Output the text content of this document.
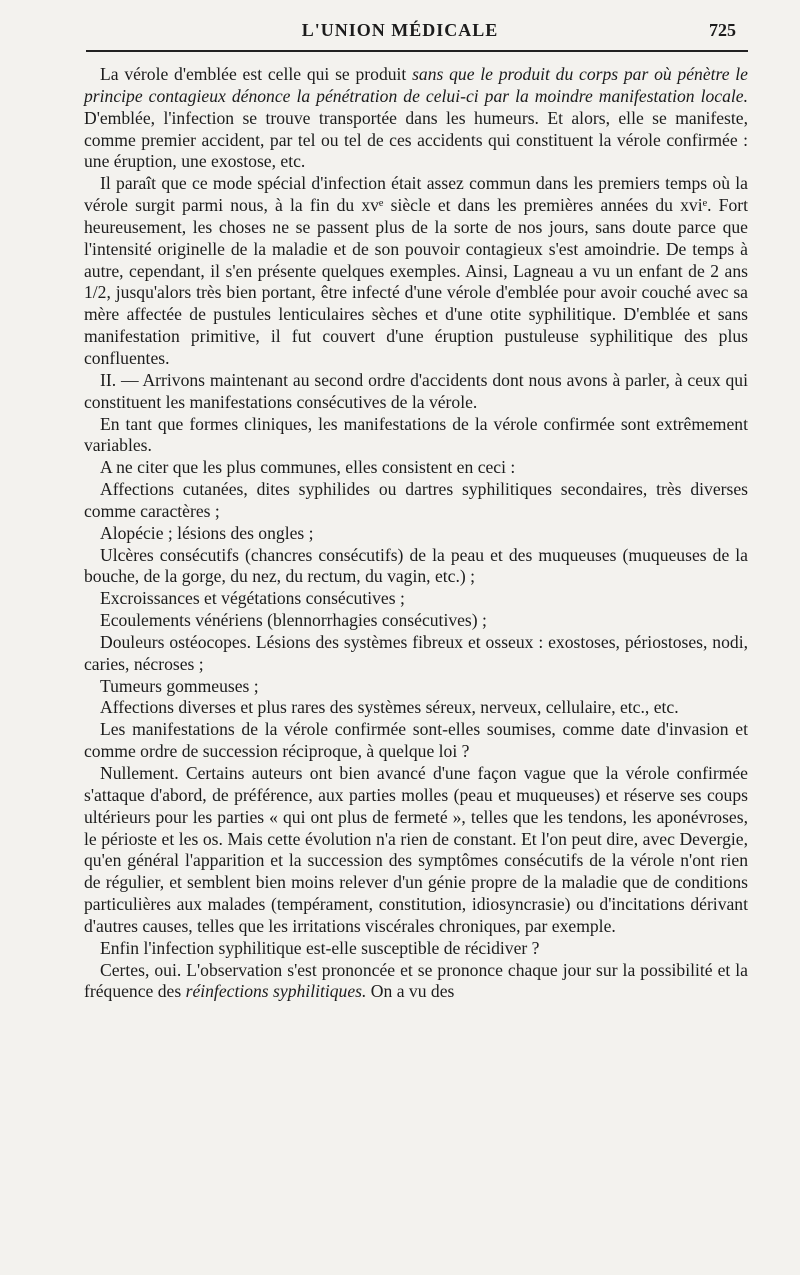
L'UNION MÉDICALE	725

La vérole d'emblée est celle qui se produit sans que le produit du corps par où pénètre le principe contagieux dénonce la pénétration de celui-ci par la moindre manifestation locale. D'emblée, l'infection se trouve transportée dans les humeurs. Et alors, elle se manifeste, comme premier accident, par tel ou tel de ces accidents qui constituent la vérole confirmée : une éruption, une exostose, etc.

Il paraît que ce mode spécial d'infection était assez commun dans les premiers temps où la vérole surgit parmi nous, à la fin du xvᵉ siècle et dans les premières années du xviᵉ. Fort heureusement, les choses ne se passent plus de la sorte de nos jours, sans doute parce que l'intensité originelle de la maladie et de son pouvoir contagieux s'est amoindrie. De temps à autre, cependant, il s'en présente quelques exemples. Ainsi, Lagneau a vu un enfant de 2 ans 1/2, jusqu'alors très bien portant, être infecté d'une vérole d'emblée pour avoir couché avec sa mère affectée de pustules lenticulaires sèches et d'une otite syphilitique. D'emblée et sans manifestation primitive, il fut couvert d'une éruption pustuleuse syphilitique des plus confluentes.

II. — Arrivons maintenant au second ordre d'accidents dont nous avons à parler, à ceux qui constituent les manifestations consécutives de la vérole.

En tant que formes cliniques, les manifestations de la vérole confirmée sont extrêmement variables.

A ne citer que les plus communes, elles consistent en ceci :

Affections cutanées, dites syphilides ou dartres syphilitiques secondaires, très diverses comme caractères ;

Alopécie ; lésions des ongles ;

Ulcères consécutifs (chancres consécutifs) de la peau et des muqueuses (muqueuses de la bouche, de la gorge, du nez, du rectum, du vagin, etc.) ;

Excroissances et végétations consécutives ;

Ecoulements vénériens (blennorrhagies consécutives) ;

Douleurs ostéocopes. Lésions des systèmes fibreux et osseux : exostoses, périostoses, nodi, caries, nécroses ;

Tumeurs gommeuses ;

Affections diverses et plus rares des systèmes séreux, nerveux, cellulaire, etc., etc.

Les manifestations de la vérole confirmée sont-elles soumises, comme date d'invasion et comme ordre de succession réciproque, à quelque loi ?

Nullement. Certains auteurs ont bien avancé d'une façon vague que la vérole confirmée s'attaque d'abord, de préférence, aux parties molles (peau et muqueuses) et réserve ses coups ultérieurs pour les parties « qui ont plus de fermeté », telles que les tendons, les aponévroses, le périoste et les os. Mais cette évolution n'a rien de constant. Et l'on peut dire, avec Devergie, qu'en général l'apparition et la succession des symptômes consécutifs de la vérole n'ont rien de régulier, et semblent bien moins relever d'un génie propre de la maladie que de conditions particulières aux malades (tempérament, constitution, idiosyncrasie) ou d'incitations dérivant d'autres causes, telles que les irritations viscérales chroniques, par exemple.

Enfin l'infection syphilitique est-elle susceptible de récidiver ?

Certes, oui. L'observation s'est prononcée et se prononce chaque jour sur la possibilité et la fréquence des réinfections syphilitiques. On a vu des
